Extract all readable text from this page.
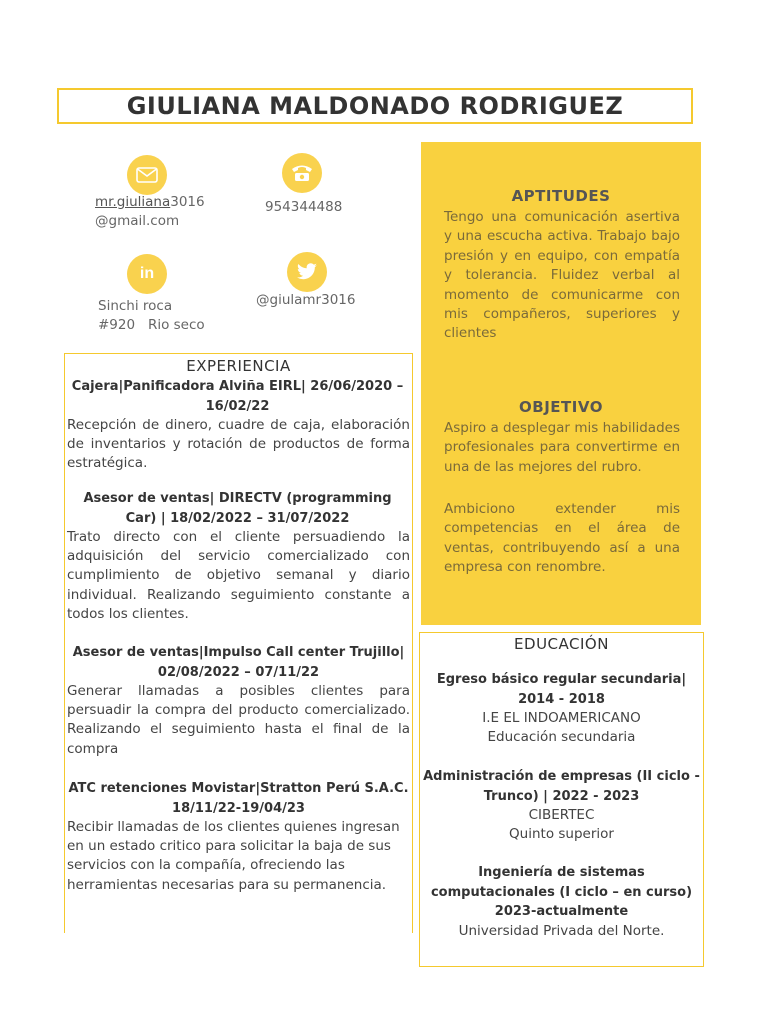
GIULIANA MALDONADO RODRIGUEZ
in
mr.giuliana3016
@gmail.com
954344488
Sinchi roca
#920   Rio seco
@giulamr3016
APTITUDES
Tengo una comunicación asertiva y una escucha activa. Trabajo bajo presión y en equipo, con empatía y tolerancia. Fluidez verbal al momento de comunicarme con mis compañeros, superiores y clientes
OBJETIVO
Aspiro a desplegar mis habilidades profesionales para convertirme en una de las mejores del rubro.
Ambiciono extender mis competencias en el área de ventas, contribuyendo así a una empresa con renombre.
EXPERIENCIA
Cajera|Panificadora Alviña EIRL| 26/06/2020 – 16/02/22
Recepción de dinero, cuadre de caja, elaboración de inventarios y rotación de productos de forma estratégica.
Asesor de ventas| DIRECTV (programming Car) | 18/02/2022 – 31/07/2022
Trato directo con el cliente persuadiendo la adquisición del servicio comercializado con cumplimiento de objetivo semanal y diario individual. Realizando seguimiento constante a todos los clientes.
Asesor de ventas|Impulso Call center Trujillo| 02/08/2022 – 07/11/22
Generar llamadas a posibles clientes para persuadir la compra del producto comercializado. Realizando el seguimiento hasta el final de la compra
ATC retenciones Movistar|Stratton Perú S.A.C. 18/11/22-19/04/23
Recibir llamadas de los clientes quienes ingresan en un estado critico para solicitar la baja de sus servicios con la compañía, ofreciendo las herramientas necesarias para su permanencia.
EDUCACIÓN
Egreso básico regular secundaria| 2014 - 2018
I.E EL INDOAMERICANO
Educación secundaria
Administración de empresas (II ciclo - Trunco) | 2022 - 2023
CIBERTEC
Quinto superior
Ingeniería de sistemas computacionales (I ciclo – en curso) 2023-actualmente
Universidad Privada del Norte.
